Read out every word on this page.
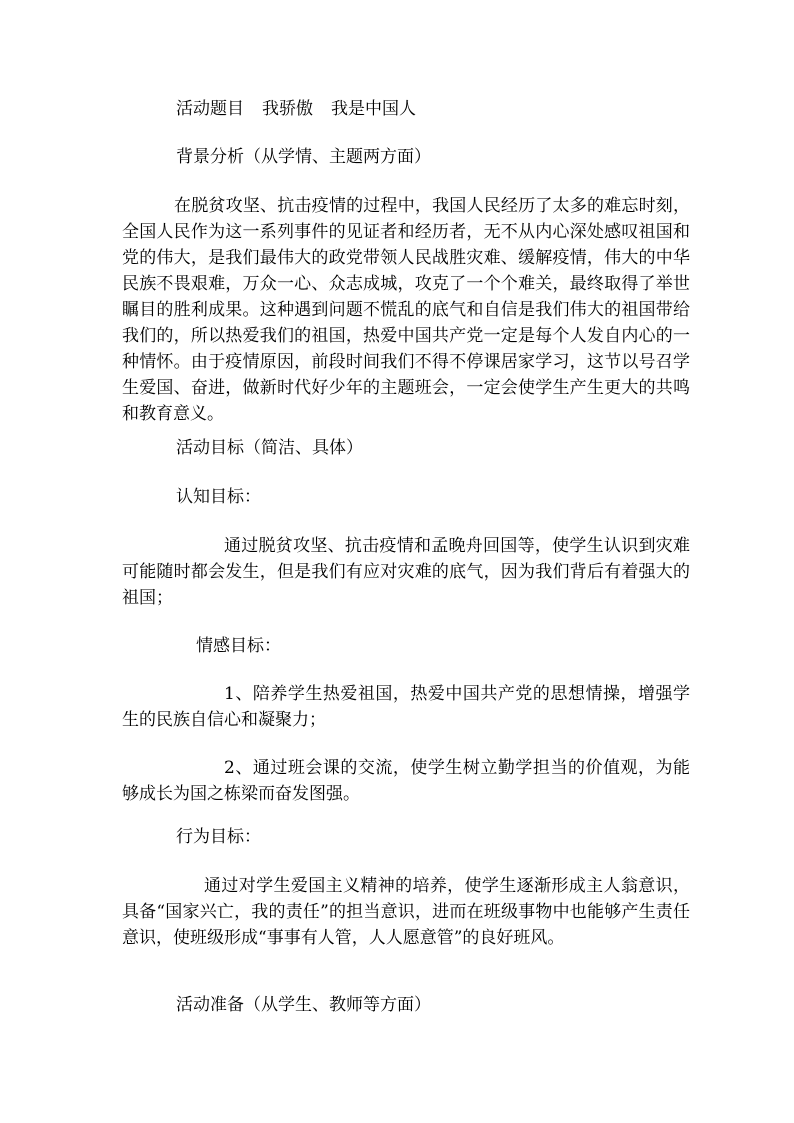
活动题目 我骄傲 我是中国人
背景分析（从学情、主题两方面）

在脱贫攻坚、抗击疫情的过程中，我国人民经历了太多的难忘时刻，全国人民作为这一系列事件的见证者和经历者，无不从内心深处感叹祖国和党的伟大，是我们最伟大的政党带领人民战胜灾难、缓解疫情，伟大的中华民族不畏艰难，万众一心、众志成城，攻克了一个个难关，最终取得了举世瞩目的胜利成果。这种遇到问题不慌乱的底气和自信是我们伟大的祖国带给我们的，所以热爱我们的祖国，热爱中国共产党一定是每个人发自内心的一种情怀。由于疫情原因，前段时间我们不得不停课居家学习，这节以号召学生爱国、奋进，做新时代好少年的主题班会，一定会使学生产生更大的共鸣和教育意义。

活动目标（简洁、具体）
认知目标：

通过脱贫攻坚、抗击疫情和孟晚舟回国等，使学生认识到灾难可能随时都会发生，但是我们有应对灾难的底气，因为我们背后有着强大的祖国；

情感目标：

1、陪养学生热爱祖国，热爱中国共产党的思想情操，增强学生的民族自信心和凝聚力；

2、通过班会课的交流，使学生树立勤学担当的价值观，为能够成长为国之栋梁而奋发图强。

行为目标：

通过对学生爱国主义精神的培养，使学生逐渐形成主人翁意识，具备“国家兴亡，我的责任”的担当意识，进而在班级事物中也能够产生责任意识，使班级形成“事事有人管，人人愿意管”的良好班风。

活动准备（从学生、教师等方面）
